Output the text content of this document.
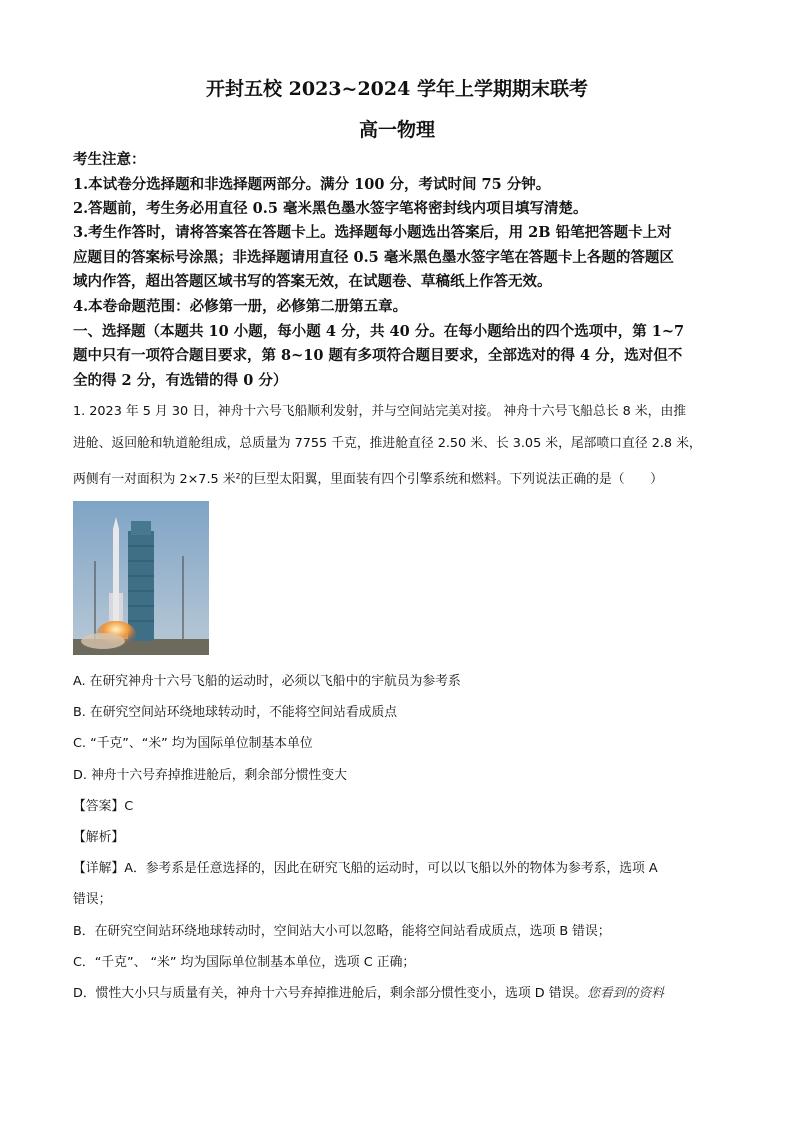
开封五校 2023~2024 学年上学期期末联考
高一物理
考生注意：
1.本试卷分选择题和非选择题两部分。满分 100 分，考试时间 75 分钟。
2.答题前，考生务必用直径 0.5 毫米黑色墨水签字笔将密封线内项目填写清楚。
3.考生作答时，请将答案答在答题卡上。选择题每小题选出答案后，用 2B 铅笔把答题卡上对
应题目的答案标号涂黑；非选择题请用直径 0.5 毫米黑色墨水签字笔在答题卡上各题的答题区
域内作答，超出答题区域书写的答案无效，在试题卷、草稿纸上作答无效。
4.本卷命题范围：必修第一册，必修第二册第五章。
一、选择题（本题共 10 小题，每小题 4 分，共 40 分。在每小题给出的四个选项中，第 1~7
题中只有一项符合题目要求，第 8~10 题有多项符合题目要求，全部选对的得 4 分，选对但不
全的得 2 分，有选错的得 0 分）
1. 2023 年 5 月 30 日，神舟十六号飞船顺利发射，并与空间站完美对接。 神舟十六号飞船总长 8 米，由推
进舱、返回舱和轨道舱组成，总质量为 7755 千克，推进舱直径 2.50 米、长 3.05 米，尾部喷口直径 2.8 米，
两侧有一对面积为 2×7.5 米²的巨型太阳翼，里面装有四个引擎系统和燃料。下列说法正确的是（　　）
A. 在研究神舟十六号飞船的运动时，必须以飞船中的宇航员为参考系
B. 在研究空间站环绕地球转动时，不能将空间站看成质点
C. “千克”、“米” 均为国际单位制基本单位
D. 神舟十六号弃掉推进舱后，剩余部分惯性变大
【答案】C
【解析】
【详解】A．参考系是任意选择的，因此在研究飞船的运动时，可以以飞船以外的物体为参考系，选项 A
错误；
B．在研究空间站环绕地球转动时，空间站大小可以忽略，能将空间站看成质点，选项 B 错误；
C．“千克”、 “米” 均为国际单位制基本单位，选项 C 正确；
D．惯性大小只与质量有关，神舟十六号弃掉推进舱后，剩余部分惯性变小，选项 D 错误。您看到的资料
